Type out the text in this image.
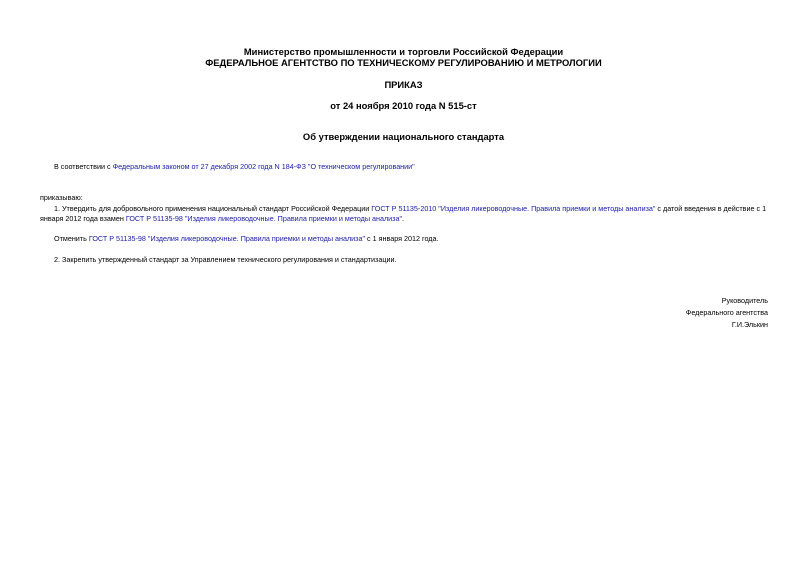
Министерство промышленности и торговли Российской Федерации
ФЕДЕРАЛЬНОЕ АГЕНТСТВО ПО ТЕХНИЧЕСКОМУ РЕГУЛИРОВАНИЮ И МЕТРОЛОГИИ
ПРИКАЗ
от 24 ноября 2010 года N 515-ст
Об утверждении национального стандарта
В соответствии с Федеральным законом от 27 декабря 2002 года N 184-ФЗ "О техническом регулировании"
приказываю:
1. Утвердить для добровольного применения национальный стандарт Российской Федерации ГОСТ Р 51135-2010 "Изделия ликероводочные. Правила приемки и методы анализа" с датой введения в действие с 1 января 2012 года взамен ГОСТ Р 51135-98 "Изделия ликероводочные. Правила приемки и методы анализа".
Отменить ГОСТ Р 51135-98 "Изделия ликероводочные. Правила приемки и методы анализа" с 1 января 2012 года.
2. Закрепить утвержденный стандарт за Управлением технического регулирования и стандартизации.
Руководитель
Федерального агентства
Г.И.Элькин
